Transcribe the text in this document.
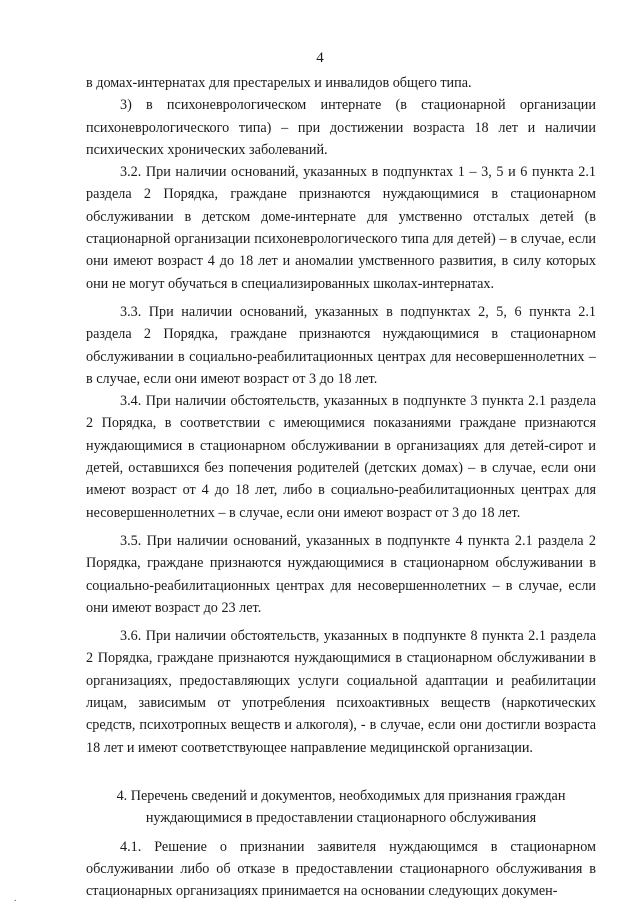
4

в домах-интернатах для престарелых и инвалидов общего типа.

3) в психоневрологическом интернате (в стационарной организации психоневрологического типа) – при достижении возраста 18 лет и наличии психических хронических заболеваний.

3.2. При наличии оснований, указанных в подпунктах 1 – 3, 5 и 6 пункта 2.1 раздела 2 Порядка, граждане признаются нуждающимися в стационарном обслуживании в детском доме-интернате для умственно отсталых детей (в стационарной организации психоневрологического типа для детей) – в случае, если они имеют возраст 4 до 18 лет и аномалии умственного развития, в силу которых они не могут обучаться в специализированных школах-интернатах.

3.3. При наличии оснований, указанных в подпунктах 2, 5, 6 пункта 2.1 раздела 2 Порядка, граждане признаются нуждающимися в стационарном обслуживании в социально-реабилитационных центрах для несовершеннолетних – в случае, если они имеют возраст от 3 до 18 лет.

3.4. При наличии обстоятельств, указанных в подпункте 3 пункта 2.1 раздела 2 Порядка, в соответствии с имеющимися показаниями граждане признаются нуждающимися в стационарном обслуживании в организациях для детей-сирот и детей, оставшихся без попечения родителей (детских домах) – в случае, если они имеют возраст от 4 до 18 лет, либо в социально-реабилитационных центрах для несовершеннолетних – в случае, если они имеют возраст от 3 до 18 лет.

3.5. При наличии оснований, указанных в подпункте 4 пункта 2.1 раздела 2 Порядка, граждане признаются нуждающимися в стационарном обслуживании в социально-реабилитационных центрах для несовершеннолетних – в случае, если они имеют возраст до 23 лет.

3.6. При наличии обстоятельств, указанных в подпункте 8 пункта 2.1 раздела 2 Порядка, граждане признаются нуждающимися в стационарном обслуживании в организациях, предоставляющих услуги социальной адаптации и реабилитации лицам, зависимым от употребления психоактивных веществ (наркотических средств, психотропных веществ и алкоголя), - в случае, если они достигли возраста 18 лет и имеют соответствующее направление медицинской организации.

4. Перечень сведений и документов, необходимых для признания граждан
нуждающимися в предоставлении стационарного обслуживания

4.1. Решение о признании заявителя нуждающимся в стационарном обслуживании либо об отказе в предоставлении стационарного обслуживания в стационарных организациях принимается на основании следующих докумен-

.
